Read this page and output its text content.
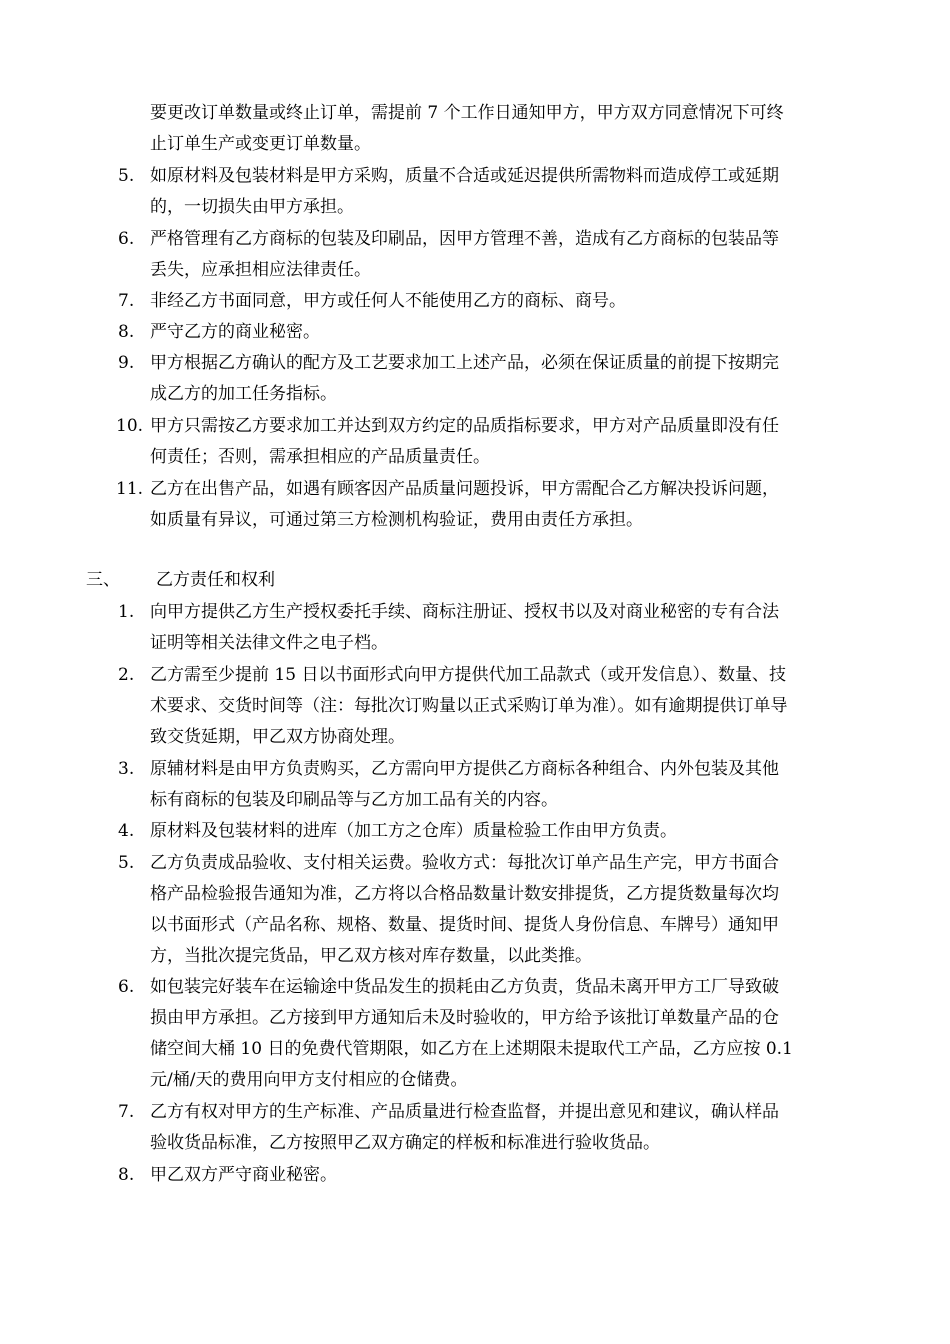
要更改订单数量或终止订单，需提前 7 个工作日通知甲方，甲方双方同意情况下可终
止订单生产或变更订单数量。
5. 如原材料及包装材料是甲方采购，质量不合适或延迟提供所需物料而造成停工或延期
的，一切损失由甲方承担。
6. 严格管理有乙方商标的包装及印刷品，因甲方管理不善，造成有乙方商标的包装品等
丢失，应承担相应法律责任。
7. 非经乙方书面同意，甲方或任何人不能使用乙方的商标、商号。
8. 严守乙方的商业秘密。
9. 甲方根据乙方确认的配方及工艺要求加工上述产品，必须在保证质量的前提下按期完
成乙方的加工任务指标。
10. 甲方只需按乙方要求加工并达到双方约定的品质指标要求，甲方对产品质量即没有任
何责任；否则，需承担相应的产品质量责任。
11. 乙方在出售产品，如遇有顾客因产品质量问题投诉，甲方需配合乙方解决投诉问题，
如质量有异议，可通过第三方检测机构验证，费用由责任方承担。
三、 乙方责任和权利
1. 向甲方提供乙方生产授权委托手续、商标注册证、授权书以及对商业秘密的专有合法
证明等相关法律文件之电子档。
2. 乙方需至少提前 15 日以书面形式向甲方提供代加工品款式（或开发信息）、数量、技
术要求、交货时间等（注：每批次订购量以正式采购订单为准）。如有逾期提供订单导
致交货延期，甲乙双方协商处理。
3. 原辅材料是由甲方负责购买，乙方需向甲方提供乙方商标各种组合、内外包装及其他
标有商标的包装及印刷品等与乙方加工品有关的内容。
4. 原材料及包装材料的进库（加工方之仓库）质量检验工作由甲方负责。
5. 乙方负责成品验收、支付相关运费。验收方式：每批次订单产品生产完，甲方书面合
格产品检验报告通知为准，乙方将以合格品数量计数安排提货，乙方提货数量每次均
以书面形式（产品名称、规格、数量、提货时间、提货人身份信息、车牌号）通知甲
方，当批次提完货品，甲乙双方核对库存数量，以此类推。
6. 如包装完好装车在运输途中货品发生的损耗由乙方负责，货品未离开甲方工厂导致破
损由甲方承担。乙方接到甲方通知后未及时验收的，甲方给予该批订单数量产品的仓
储空间大桶 10 日的免费代管期限，如乙方在上述期限未提取代工产品，乙方应按 0.1
元/桶/天的费用向甲方支付相应的仓储费。
7. 乙方有权对甲方的生产标准、产品质量进行检查监督，并提出意见和建议，确认样品
验收货品标准，乙方按照甲乙双方确定的样板和标准进行验收货品。
8. 甲乙双方严守商业秘密。
